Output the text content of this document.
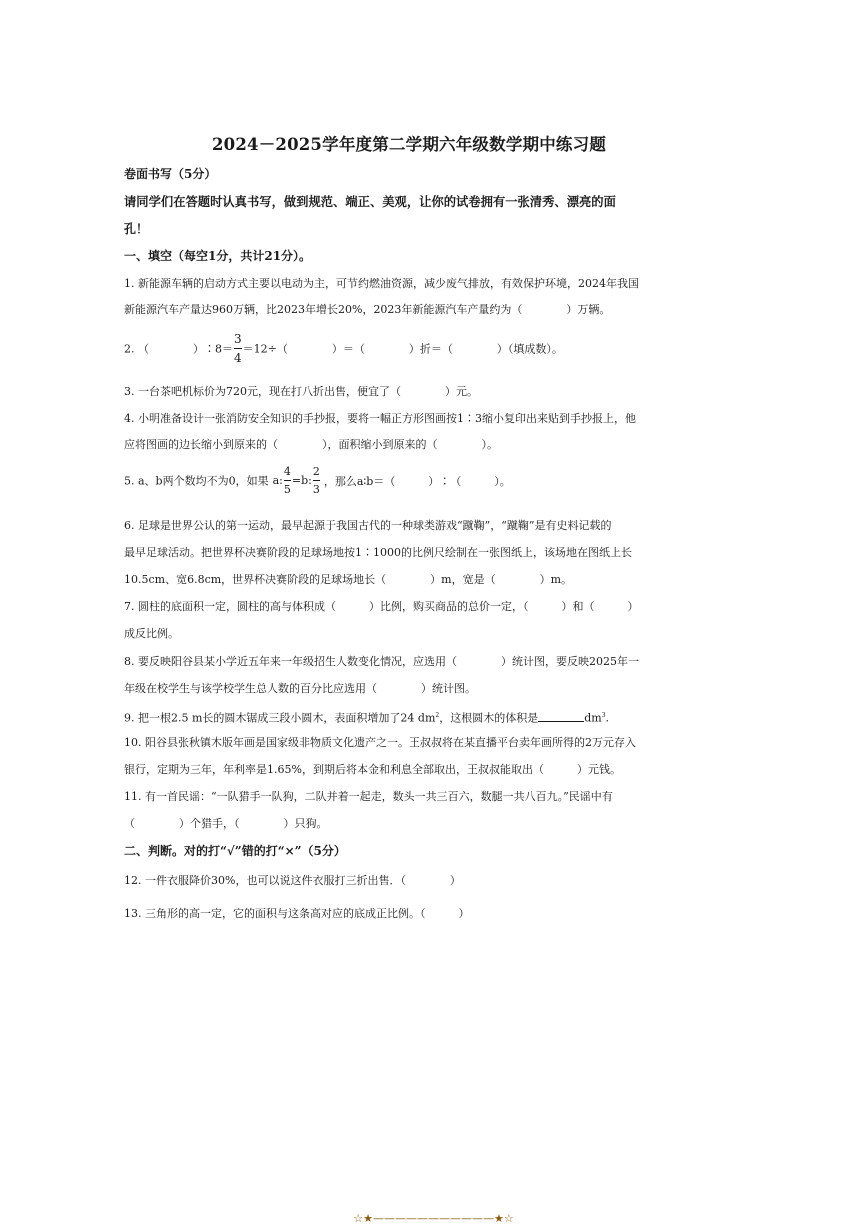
2024－2025学年度第二学期六年级数学期中练习题
卷面书写（5分）
请同学们在答题时认真书写，做到规范、端正、美观，让你的试卷拥有一张清秀、漂亮的面
孔！
一、填空（每空1分，共计21分）。
1. 新能源车辆的启动方式主要以电动为主，可节约燃油资源，减少废气排放，有效保护环境，2024年我国
新能源汽车产量达960万辆，比2023年增长20%，2023年新能源汽车产量约为（　　　　）万辆。
2. （　　　　）∶8＝ $\frac{3}{4} =12\div$（　　　　）＝（　　　　）折＝（　　　　）（填成数）。
3. 一台茶吧机标价为720元，现在打八折出售，便宜了（　　　　）元。
4. 小明准备设计一张消防安全知识的手抄报，要将一幅正方形图画按1∶3缩小复印出来贴到手抄报上，他
应将图画的边长缩小到原来的（　　　　），面积缩小到原来的（　　　　）。
5. a、b两个数均不为0，如果 a: $\frac{4}{5} =b$: $\frac{2}{3}$ ，那么a∶b＝（　　　）∶（　　　）。
6. 足球是世界公认的第一运动，最早起源于我国古代的一种球类游戏“蹴鞠”，“蹴鞠”是有史料记载的
最早足球活动。把世界杯决赛阶段的足球场地按1∶1000的比例尺绘制在一张图纸上，该场地在图纸上长
10.5cm、宽6.8cm，世界杯决赛阶段的足球场地长（　　　　）m，宽是（　　　　）m。
7. 圆柱的底面积一定，圆柱的高与体积成（　　　）比例，购买商品的总价一定，（　　　）和（　　　）
成反比例。
8. 要反映阳谷县某小学近五年来一年级招生人数变化情况，应选用（　　　　）统计图，要反映2025年一
年级在校学生与该学校学生总人数的百分比应选用（　　　　）统计图。
9. 把一根2.5 m长的圆木锯成三段小圆木，表面积增加了24 $dm^2$，这根圆木的体积是	$dm^3$.
10. 阳谷县张秋镇木版年画是国家级非物质文化遗产之一。王叔叔将在某直播平台卖年画所得的2万元存入
银行，定期为三年，年利率是1.65%，到期后将本金和利息全部取出，王叔叔能取出（　　　）元钱。
11. 有一首民谣：“一队猎手一队狗，二队并着一起走，数头一共三百六，数腿一共八百九。”民谣中有
（　　　　）个猎手，（　　　　）只狗。
二、判断。对的打“√”错的打“×”（5分）
12. 一件衣服降价30%，也可以说这件衣服打三折出售．（　　　　）
13. 三角形的高一定，它的面积与这条高对应的底成正比例。（　　　）
☆★———————————★☆
